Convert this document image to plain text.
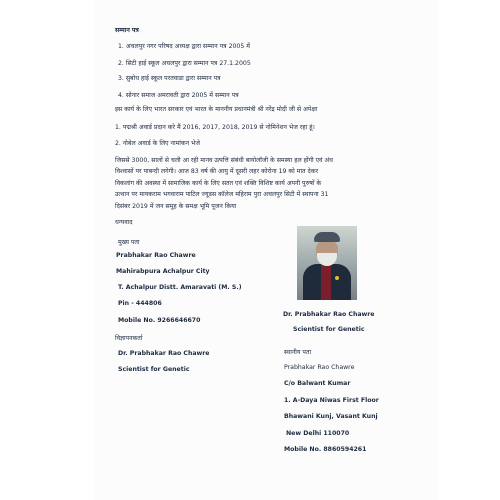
सम्मान पत्र
1. अचलपुर नगर परिषद अध्यक्ष द्वारा सम्मान पत्र 2005 में
2. सिटी हाई स्कूल अचलपुर द्वारा सम्मान पत्र 27.1.2005
3. सुबोध हाई स्कूल परतवाडा द्वारा सम्मान पत्र
4. सोनार समाज अमरावती द्वारा 2005 में सम्मान पत्र
इस कार्य के लिए भारत सरकार एवं भारत के माननीय प्रधानमंत्री श्री नरेंद्र मोदी जी से अपेक्षा
1. पद्मश्री अवार्ड प्रदान करे मैं 2016, 2017, 2018, 2019 से नोमिनेशन भेज रहा हूं।
2. नोबेल अवार्ड के लिए नामांकन भेजे
जिससे 3000, सालों से चली आ रही मानव उत्पत्ति संबंधी बायोलॉजी के समस्या हल होंगी एवं अंध
विश्वासों पर पाबन्दी लगेगी। आज 83 वर्ष की आयु में दूसरी लहर कोरोना 19 को मात देकर
विकलांग की अवस्था में सामाजिक कार्य के लिए सतत एवं शक्ति विशिष्ट कार्य अपनी पुरुषों के
उत्थान पर मायकराम भगवाराम पाटिल ज्यूडस कॉलेज महिराम पुरा अचलपुर सिटी में स्थापना 31
दिसंबर 2019 में जन समूह के समक्ष भूमि पूजन किया
धन्यवाद
मुख्य पता
Prabhakar Rao Chawre
Mahirabpura Achalpur City
T. Achalpur Distt. Amaravati (M. S.)
Pin - 444806
Mobile No. 9266646670
विज्ञापनकर्ता
Dr. Prabhakar Rao Chawre
Scientist for Genetic
Dr. Prabhakar Rao Chawre
Scientist for Genetic
स्थानीय पता
Prabhakar Rao Chawre
C/o Balwant Kumar
1. A-Daya Niwas First Floor
Bhawani Kunj, Vasant Kunj
New Delhi 110070
Mobile No. 8860594261
